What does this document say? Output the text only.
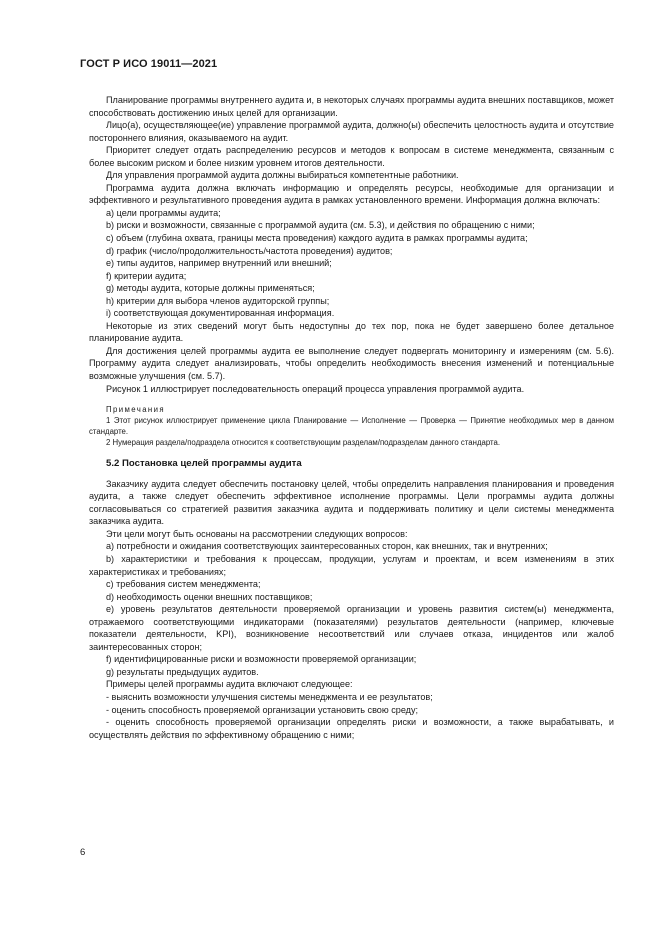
ГОСТ Р ИСО 19011—2021

Планирование программы внутреннего аудита и, в некоторых случаях программы аудита внешних поставщиков, может способствовать достижению иных целей для организации.

Лицо(а), осуществляющее(ие) управление программой аудита, должно(ы) обеспечить целостность аудита и отсутствие постороннего влияния, оказываемого на аудит.

Приоритет следует отдать распределению ресурсов и методов к вопросам в системе менеджмента, связанным с более высоким риском и более низким уровнем итогов деятельности.

Для управления программой аудита должны выбираться компетентные работники.

Программа аудита должна включать информацию и определять ресурсы, необходимые для организации и эффективного и результативного проведения аудита в рамках установленного времени. Информация должна включать:

a) цели программы аудита;

b) риски и возможности, связанные с программой аудита (см. 5.3), и действия по обращению с ними;

c) объем (глубина охвата, границы места проведения) каждого аудита в рамках программы аудита;

d) график (число/продолжительность/частота проведения) аудитов;

e) типы аудитов, например внутренний или внешний;

f) критерии аудита;

g) методы аудита, которые должны применяться;

h) критерии для выбора членов аудиторской группы;

i) соответствующая документированная информация.

Некоторые из этих сведений могут быть недоступны до тех пор, пока не будет завершено более детальное планирование аудита.

Для достижения целей программы аудита ее выполнение следует подвергать мониторингу и измерениям (см. 5.6). Программу аудита следует анализировать, чтобы определить необходимость внесения изменений и потенциальные возможные улучшения (см. 5.7).

Рисунок 1 иллюстрирует последовательность операций процесса управления программой аудита.

Примечания

1 Этот рисунок иллюстрирует применение цикла Планирование — Исполнение — Проверка — Принятие необходимых мер в данном стандарте.

2 Нумерация раздела/подраздела относится к соответствующим разделам/подразделам данного стандарта.

5.2 Постановка целей программы аудита

Заказчику аудита следует обеспечить постановку целей, чтобы определить направления планирования и проведения аудита, а также следует обеспечить эффективное исполнение программы. Цели программы аудита должны согласовываться со стратегией развития заказчика аудита и поддерживать политику и цели системы менеджмента заказчика аудита.

Эти цели могут быть основаны на рассмотрении следующих вопросов:

a) потребности и ожидания соответствующих заинтересованных сторон, как внешних, так и внутренних;

b) характеристики и требования к процессам, продукции, услугам и проектам, и всем изменениям в этих характеристиках и требованиях;

c) требования систем менеджмента;

d) необходимость оценки внешних поставщиков;

e) уровень результатов деятельности проверяемой организации и уровень развития систем(ы) менеджмента, отражаемого соответствующими индикаторами (показателями) результатов деятельности (например, ключевые показатели деятельности, KPI), возникновение несоответствий или случаев отказа, инцидентов или жалоб заинтересованных сторон;

f) идентифицированные риски и возможности проверяемой организации;

g) результаты предыдущих аудитов.

Примеры целей программы аудита включают следующее:

- выяснить возможности улучшения системы менеджмента и ее результатов;

- оценить способность проверяемой организации установить свою среду;

- оценить способность проверяемой организации определять риски и возможности, а также вырабатывать, и осуществлять действия по эффективному обращению с ними;

6
